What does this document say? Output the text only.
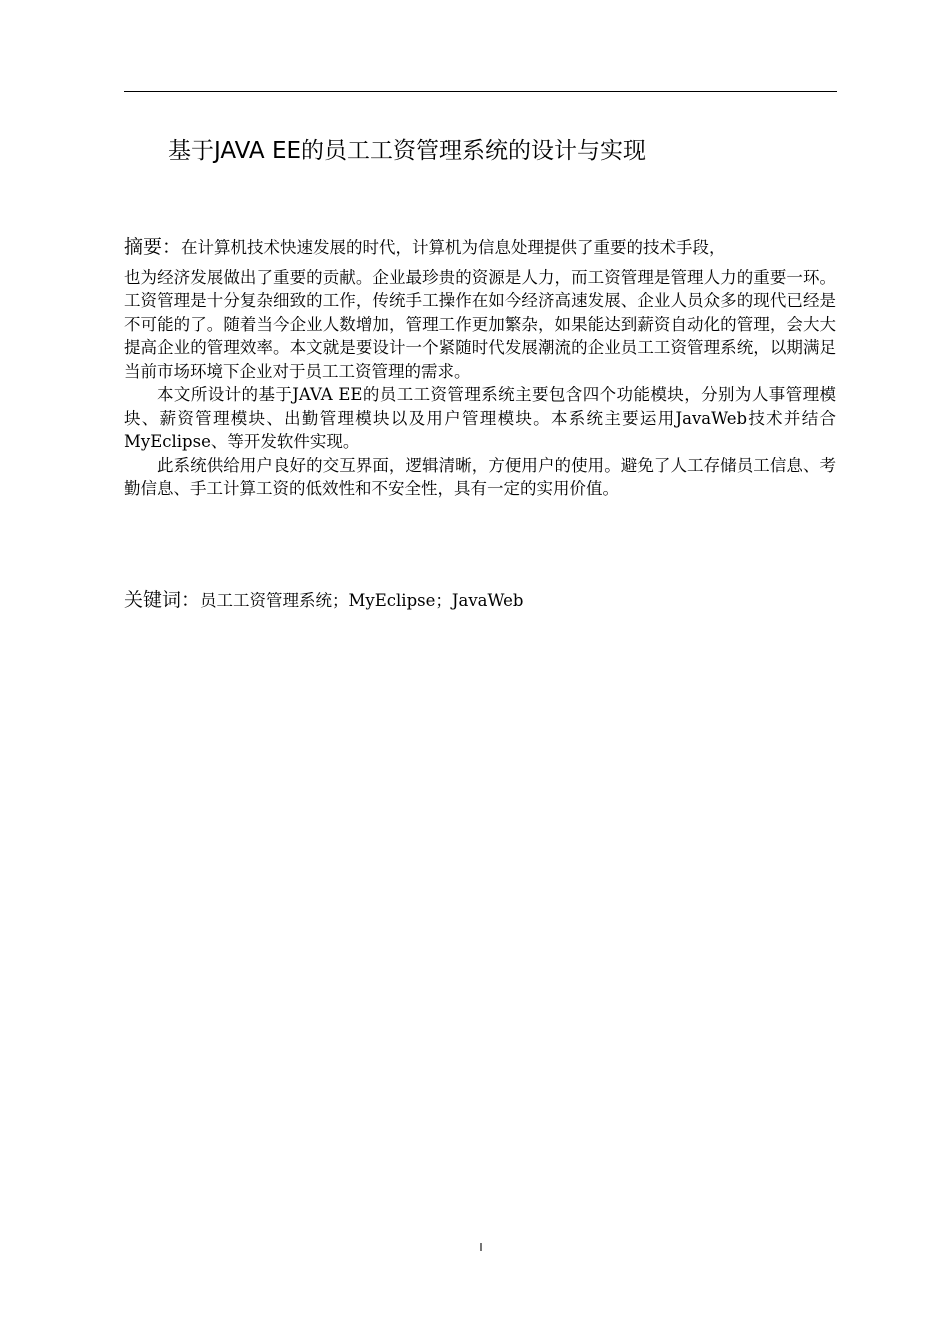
基于JAVA EE的员工工资管理系统的设计与实现

摘要：在计算机技术快速发展的时代，计算机为信息处理提供了重要的技术手段，

也为经济发展做出了重要的贡献。企业最珍贵的资源是人力，而工资管理是管理人力的重要一环。工资管理是十分复杂细致的工作，传统手工操作在如今经济高速发展、企业人员众多的现代已经是不可能的了。随着当今企业人数增加，管理工作更加繁杂，如果能达到薪资自动化的管理，会大大提高企业的管理效率。本文就是要设计一个紧随时代发展潮流的企业员工工资管理系统，以期满足当前市场环境下企业对于员工工资管理的需求。

本文所设计的基于JAVA EE的员工工资管理系统主要包含四个功能模块，分别为人事管理模块、薪资管理模块、出勤管理模块以及用户管理模块。本系统主要运用JavaWeb技术并结合MyEclipse、等开发软件实现。

此系统供给用户良好的交互界面，逻辑清晰，方便用户的使用。避免了人工存储员工信息、考勤信息、手工计算工资的低效性和不安全性，具有一定的实用价值。

关键词：员工工资管理系统；MyEclipse；JavaWeb

I
